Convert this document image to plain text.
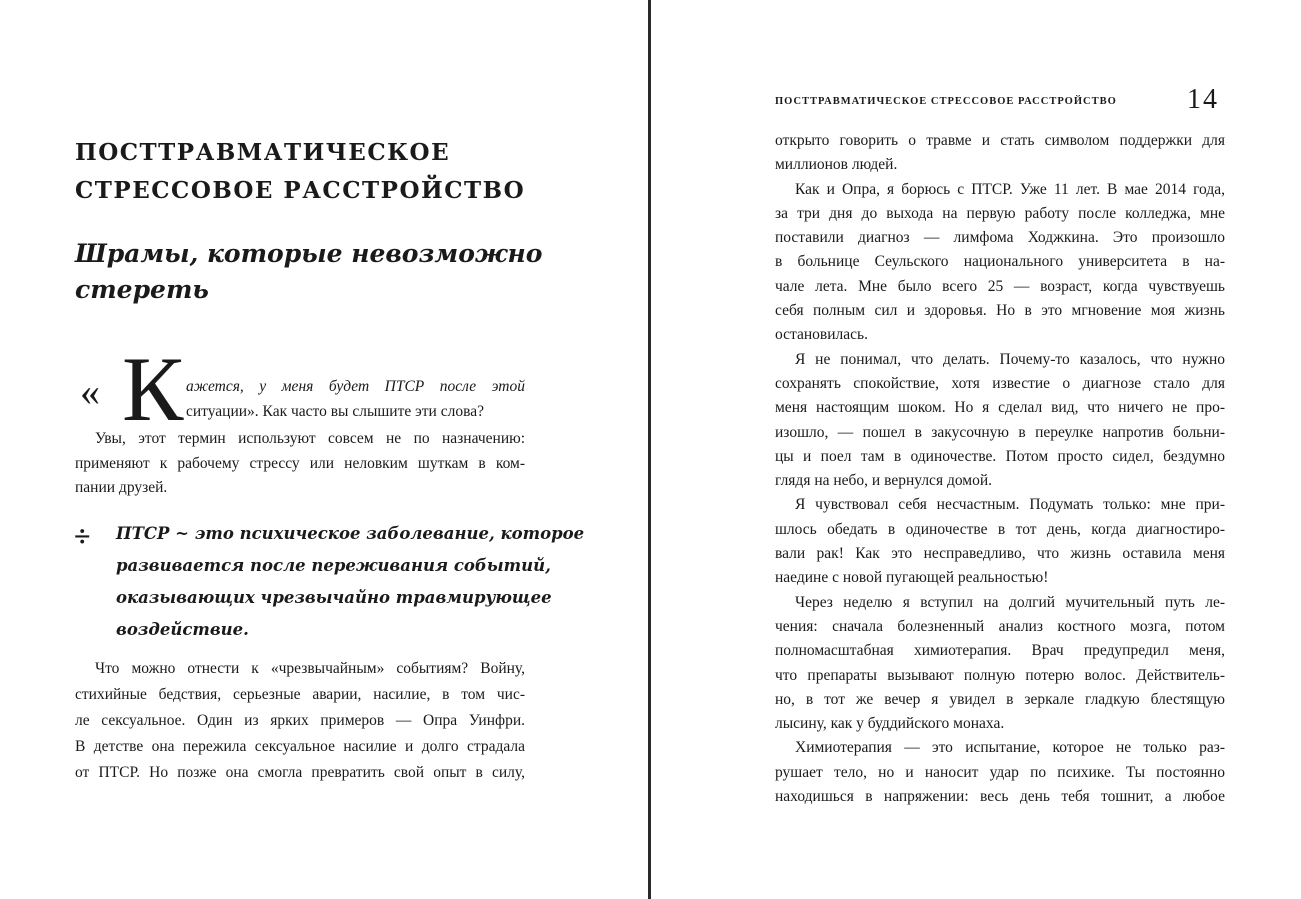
ПОСТТРАВМАТИЧЕСКОЕ
СТРЕССОВОЕ РАССТРОЙСТВО
Шрамы, которые невозможно
стереть
« К ажется, у меня будет ПТСР после этой
ситуации». Как часто вы слышите эти слова?
Увы, этот термин используют совсем не по назначению:
применяют к рабочему стрессу или неловким шуткам в ком-
пании друзей.
÷ ПТСР ~ это психическое заболевание, которое
развивается после переживания событий,
оказывающих чрезвычайно травмирующее
воздействие.
Что можно отнести к «чрезвычайным» событиям? Войну,
стихийные бедствия, серьезные аварии, насилие, в том чис-
ле сексуальное. Один из ярких примеров — Опра Уинфри.
В детстве она пережила сексуальное насилие и долго страдала
от ПТСР. Но позже она смогла превратить свой опыт в силу,
ПОСТТРАВМАТИЧЕСКОЕ СТРЕССОВОЕ РАССТРОЙСТВО	14
открыто говорить о травме и стать символом поддержки для
миллионов людей.
Как и Опра, я борюсь с ПТСР. Уже 11 лет. В мае 2014 года,
за три дня до выхода на первую работу после колледжа, мне
поставили диагноз — лимфома Ходжкина. Это произошло
в больнице Сеульского национального университета в на-
чале лета. Мне было всего 25 — возраст, когда чувствуешь
себя полным сил и здоровья. Но в это мгновение моя жизнь
остановилась.
Я не понимал, что делать. Почему-то казалось, что нужно
сохранять спокойствие, хотя известие о диагнозе стало для
меня настоящим шоком. Но я сделал вид, что ничего не про-
изошло, — пошел в закусочную в переулке напротив больни-
цы и поел там в одиночестве. Потом просто сидел, бездумно
глядя на небо, и вернулся домой.
Я чувствовал себя несчастным. Подумать только: мне при-
шлось обедать в одиночестве в тот день, когда диагностиро-
вали рак! Как это несправедливо, что жизнь оставила меня
наедине с новой пугающей реальностью!
Через неделю я вступил на долгий мучительный путь ле-
чения: сначала болезненный анализ костного мозга, потом
полномасштабная химиотерапия. Врач предупредил меня,
что препараты вызывают полную потерю волос. Действитель-
но, в тот же вечер я увидел в зеркале гладкую блестящую
лысину, как у буддийского монаха.
Химиотерапия — это испытание, которое не только раз-
рушает тело, но и наносит удар по психике. Ты постоянно
находишься в напряжении: весь день тебя тошнит, а любое
